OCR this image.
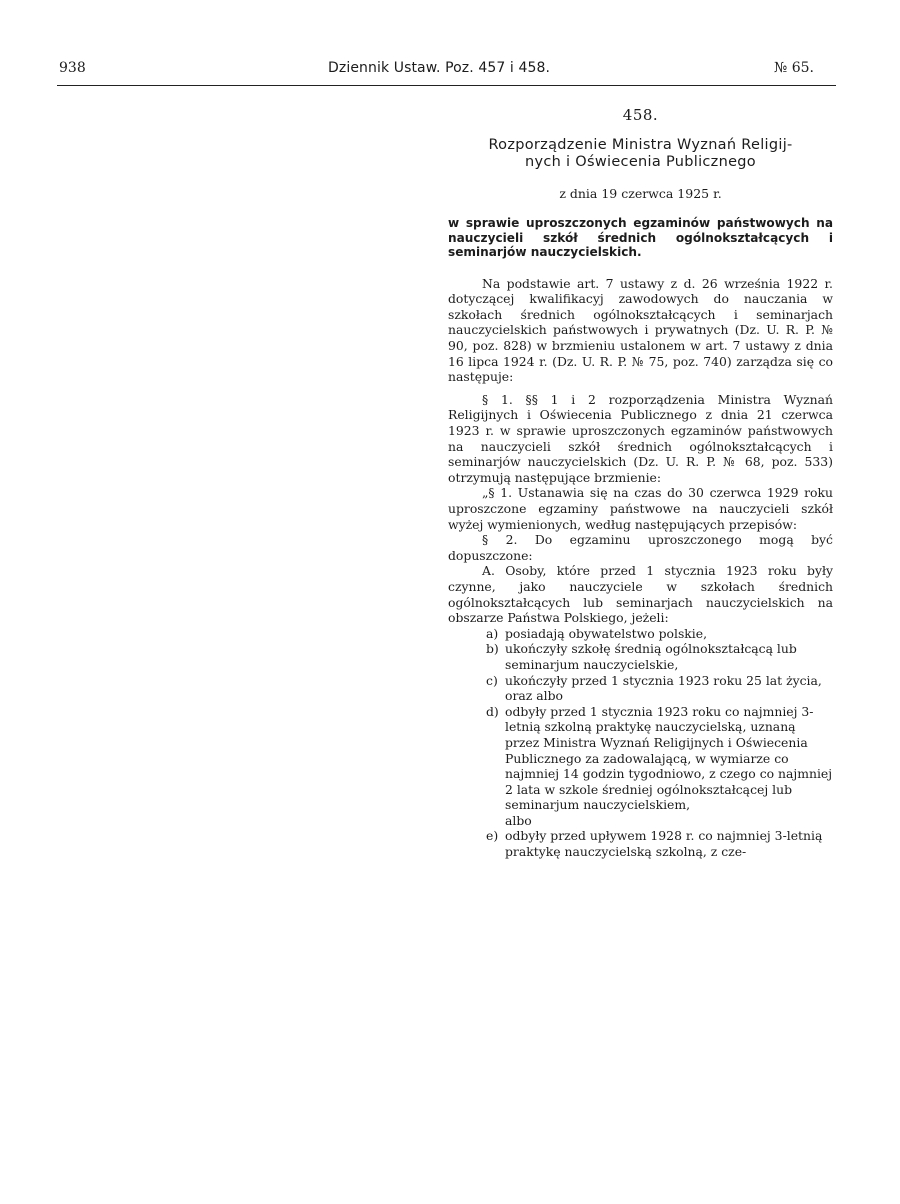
938	Dziennik Ustaw. Poz. 457 i 458.	№ 65.
458.
Rozporządzenie Ministra Wyznań Religij-
nych i Oświecenia Publicznego
z dnia 19 czerwca 1925 r.
w sprawie uproszczonych egzaminów państwowych na nauczycieli szkół średnich ogólnokształcących i seminarjów nauczycielskich.

Na podstawie art. 7 ustawy z d. 26 września 1922 r. dotyczącej kwalifikacyj zawodowych do nauczania w szkołach średnich ogólnokształcących i seminarjach nauczycielskich państwowych i prywatnych (Dz. U. R. P. № 90, poz. 828) w brzmieniu ustalonem w art. 7 ustawy z dnia 16 lipca 1924 r. (Dz. U. R. P. № 75, poz. 740) zarządza się co następuje:

§ 1. §§ 1 i 2 rozporządzenia Ministra Wyznań Religijnych i Oświecenia Publicznego z dnia 21 czerwca 1923 r. w sprawie uproszczonych egzaminów państwowych na nauczycieli szkół średnich ogólnokształcących i seminarjów nauczycielskich (Dz. U. R. P. № 68, poz. 533) otrzymują następujące brzmienie:

„§ 1. Ustanawia się na czas do 30 czerwca 1929 roku uproszczone egzaminy państwowe na nauczycieli szkół wyżej wymienionych, według następujących przepisów:

§ 2. Do egzaminu uproszczonego mogą być dopuszczone:

A. Osoby, które przed 1 stycznia 1923 roku były czynne, jako nauczyciele w szkołach średnich ogólnokształcących lub seminarjach nauczycielskich na obszarze Państwa Polskiego, jeżeli:

a) posiadają obywatelstwo polskie,
b) ukończyły szkołę średnią ogólnokształcącą lub seminarjum nauczycielskie,
c) ukończyły przed 1 stycznia 1923 roku 25 lat życia, oraz albo
d) odbyły przed 1 stycznia 1923 roku co najmniej 3-letnią szkolną praktykę nauczycielską, uznaną przez Ministra Wyznań Religijnych i Oświecenia Publicznego za zadowalającą, w wymiarze co najmniej 14 godzin tygodniowo, z czego co najmniej 2 lata w szkole średniej ogólnokształcącej lub seminarjum nauczycielskiem,
albo
e) odbyły przed upływem 1928 r. co najmniej 3-letnią praktykę nauczycielską szkolną, z cze-
